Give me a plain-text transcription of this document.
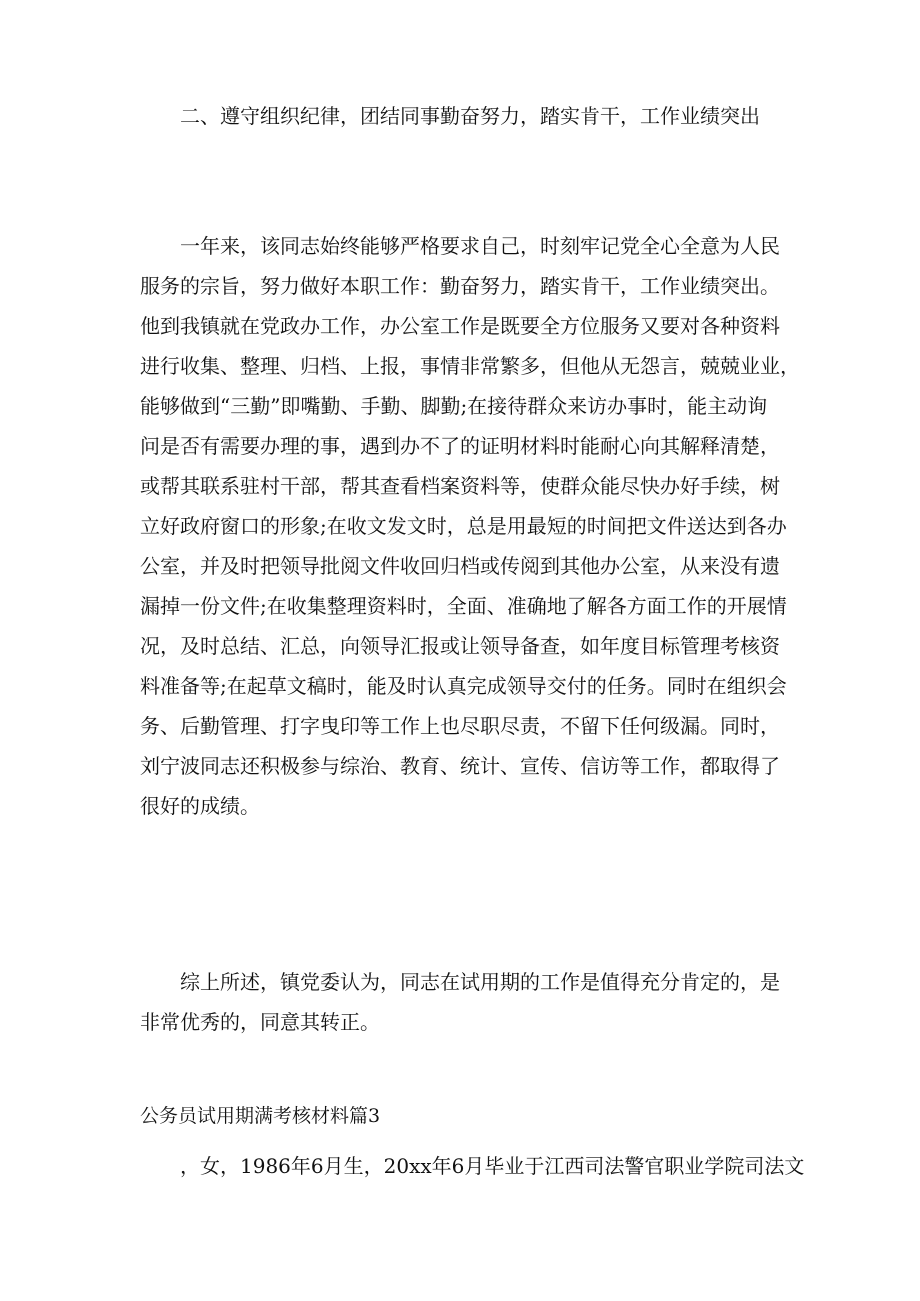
二、遵守组织纪律，团结同事勤奋努力，踏实肯干，工作业绩突出
一年来，该同志始终能够严格要求自己，时刻牢记党全心全意为人民
服务的宗旨，努力做好本职工作：勤奋努力，踏实肯干，工作业绩突出。
他到我镇就在党政办工作，办公室工作是既要全方位服务又要对各种资料
进行收集、整理、归档、上报，事情非常繁多，但他从无怨言，兢兢业业，
能够做到“三勤”即嘴勤、手勤、脚勤;在接待群众来访办事时，能主动询
问是否有需要办理的事，遇到办不了的证明材料时能耐心向其解释清楚，
或帮其联系驻村干部，帮其查看档案资料等，使群众能尽快办好手续，树
立好政府窗口的形象;在收文发文时，总是用最短的时间把文件送达到各办
公室，并及时把领导批阅文件收回归档或传阅到其他办公室，从来没有遗
漏掉一份文件;在收集整理资料时，全面、准确地了解各方面工作的开展情
况，及时总结、汇总，向领导汇报或让领导备查，如年度目标管理考核资
料准备等;在起草文稿时，能及时认真完成领导交付的任务。同时在组织会
务、后勤管理、打字曳印等工作上也尽职尽责，不留下任何级漏。同时，
刘宁波同志还积极参与综治、教育、统计、宣传、信访等工作，都取得了
很好的成绩。
综上所述，镇党委认为，同志在试用期的工作是值得充分肯定的，是
非常优秀的，同意其转正。
公务员试用期满考核材料篇3
，女，1986年6月生，20xx年6月毕业于江西司法警官职业学院司法文
